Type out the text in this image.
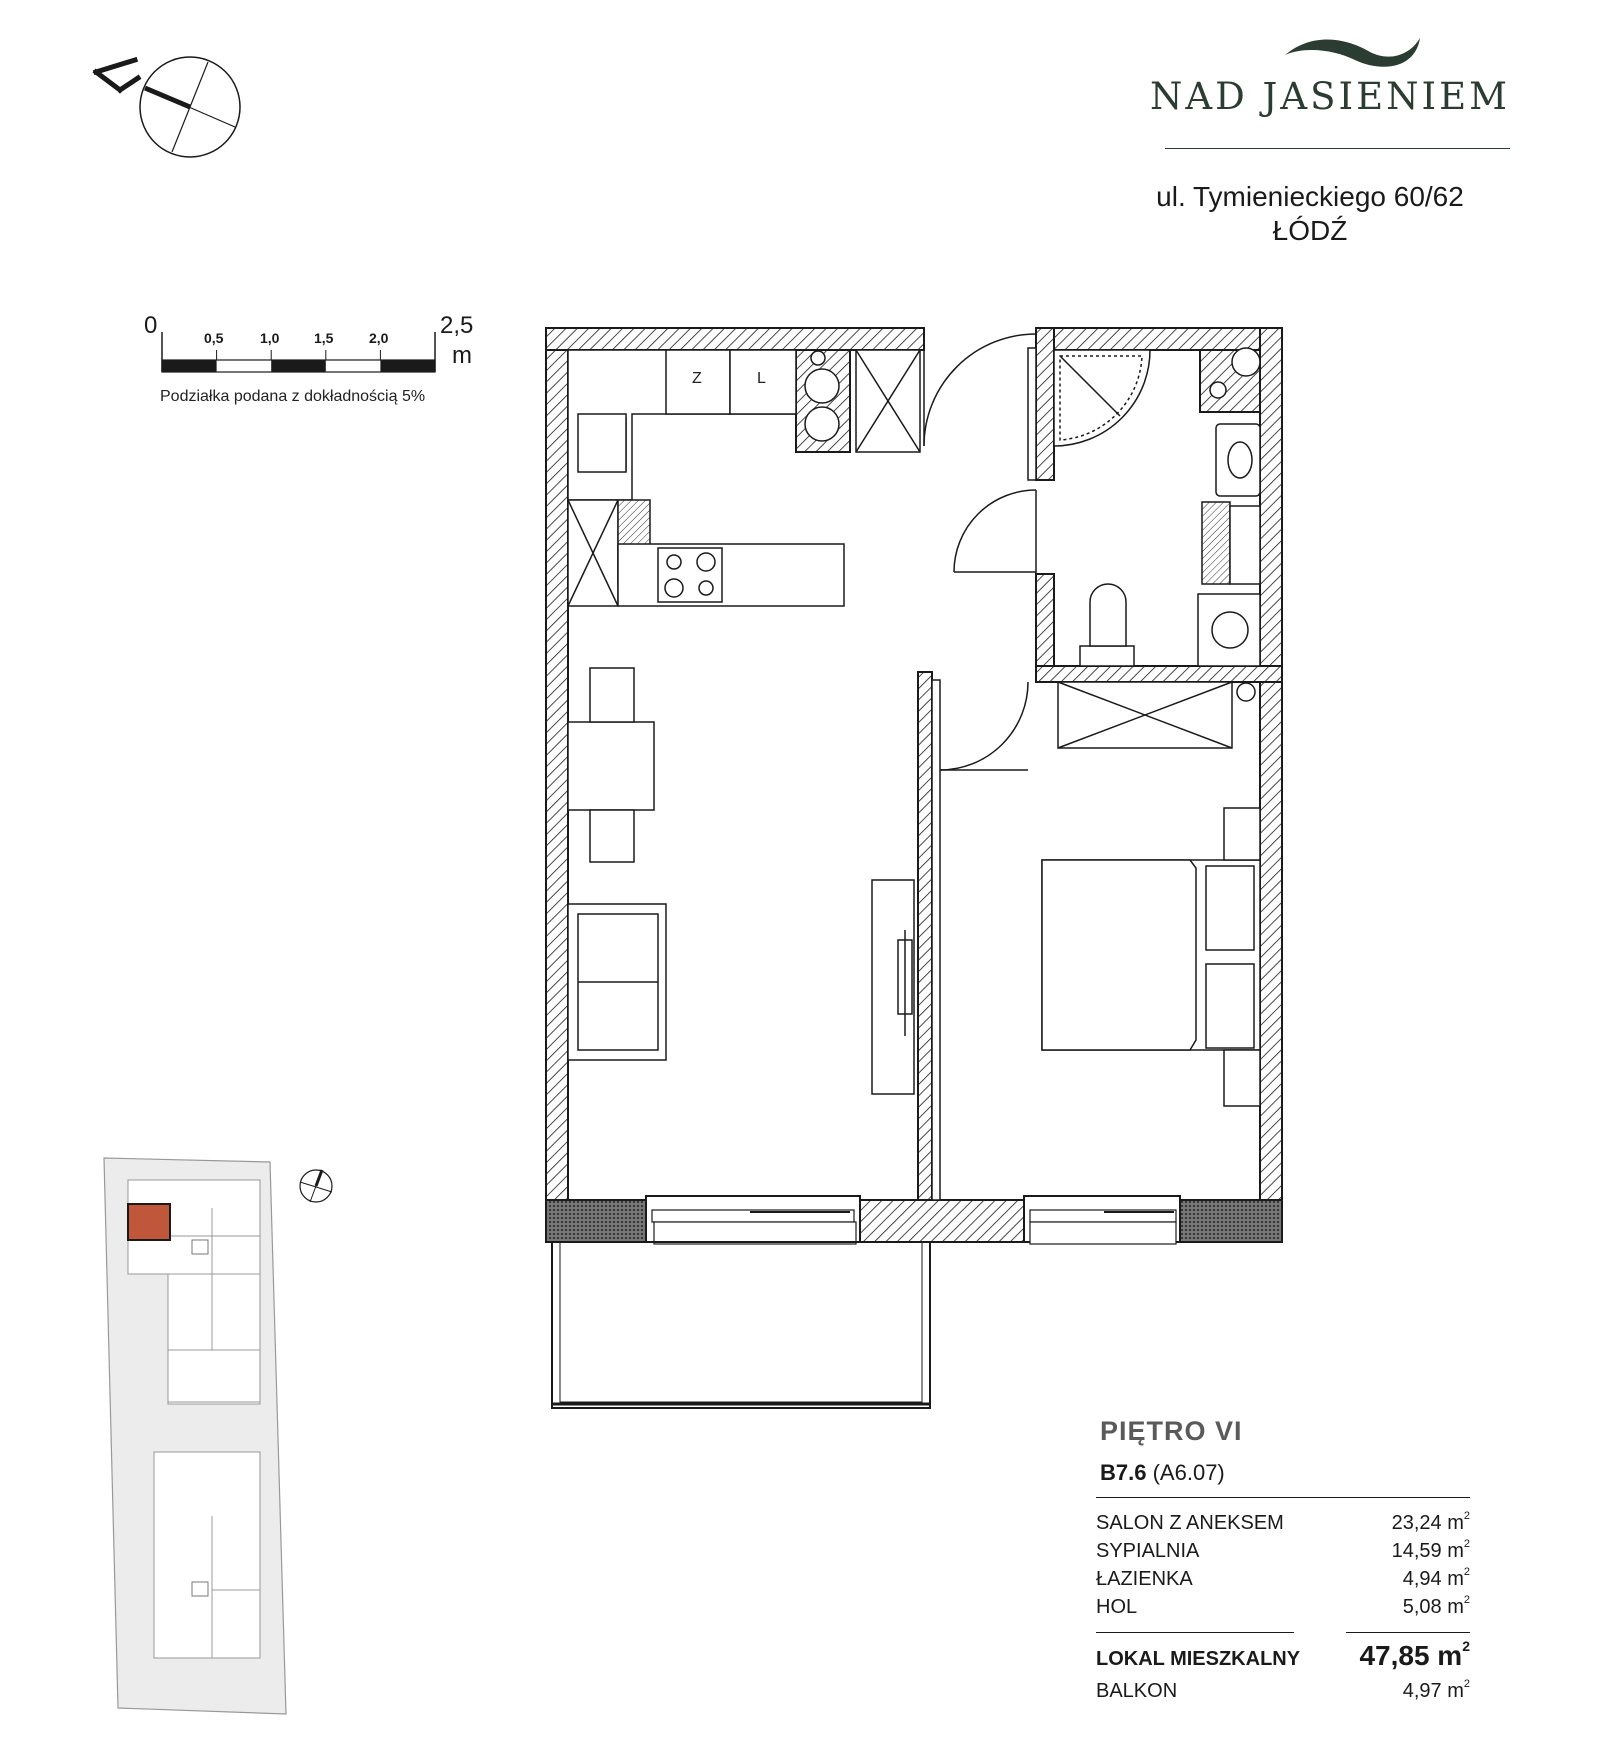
NAD JASIENIEM
ul. Tymienieckiego 60/62
ŁÓDŹ
0	0,5	1,0 1,5	2,0 2,5
m
Podziałka podana z dokładnością 5%
Z	L
PIĘTRO VI
B7.6 (A6.07)
SALON Z ANEKSEM	23,24 $m^2$
SYPIALNIA	14,59 $m^2$
ŁAZIENKA	4,94 $m^2$
HOL	5,08 $m^2$
LOKAL MIESZKALNY 47,85 $m^2$
BALKON	4,97 $m^2$
